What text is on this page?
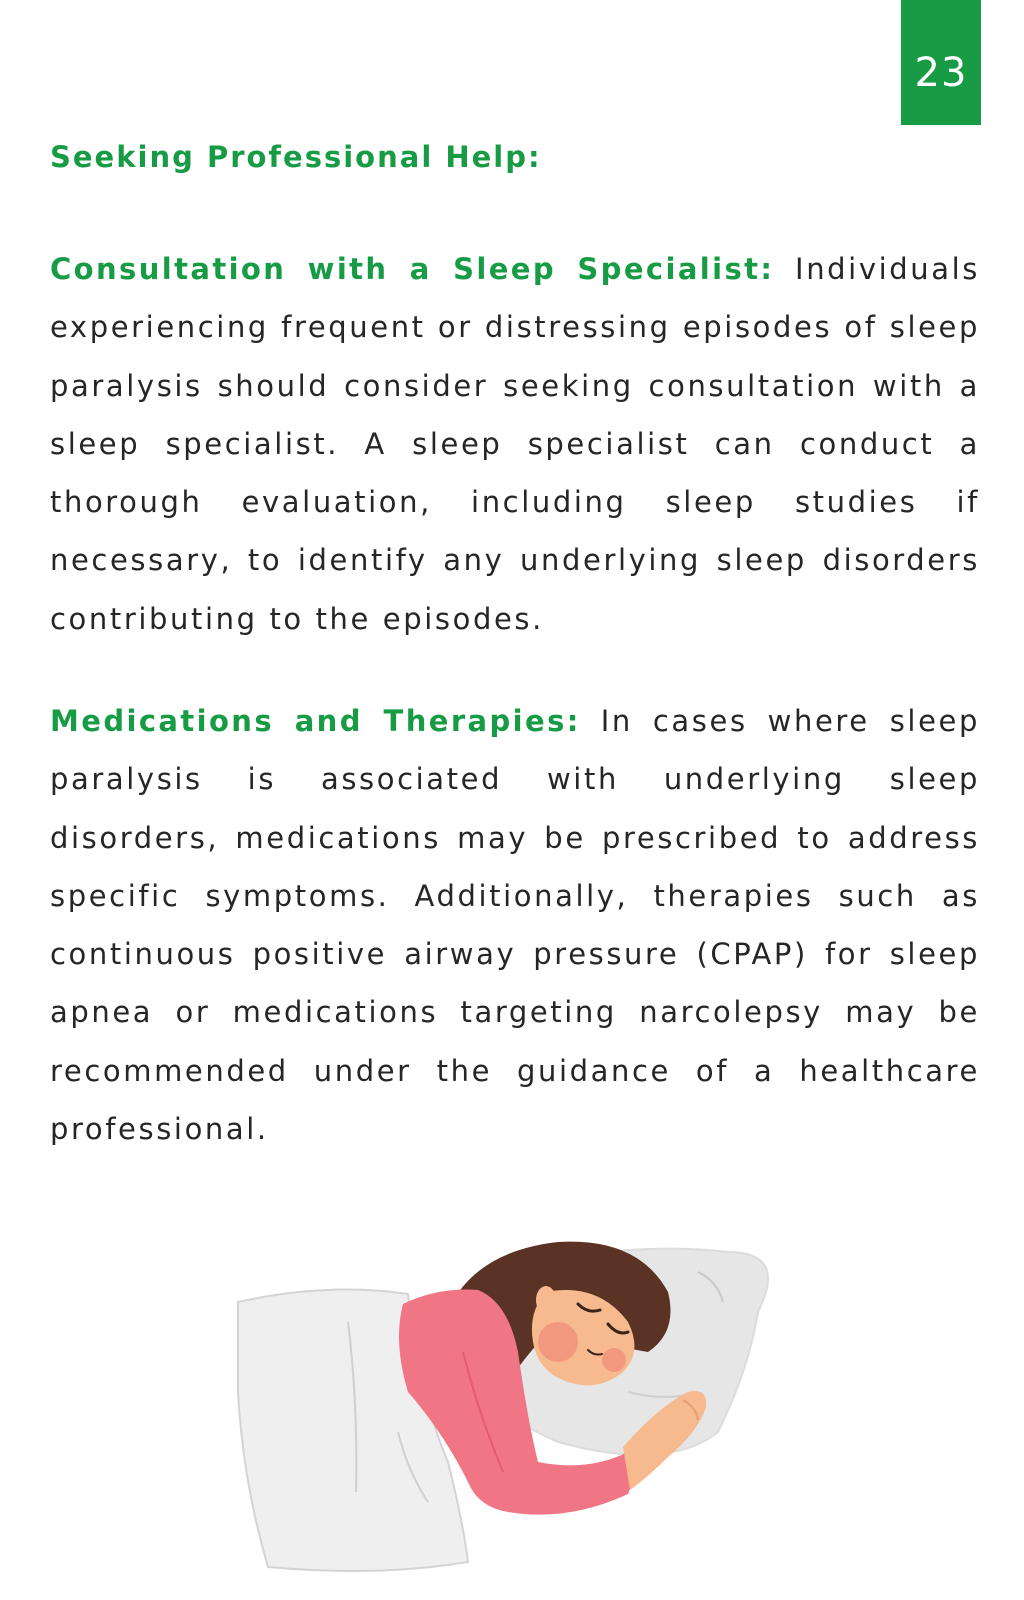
23
Seeking Professional Help:

Consultation with a Sleep Specialist: Individuals experiencing frequent or distressing episodes of sleep paralysis should consider seeking consultation with a sleep specialist. A sleep specialist can conduct a thorough evaluation, including sleep studies if necessary, to identify any underlying sleep disorders contributing to the episodes.

Medications and Therapies: In cases where sleep paralysis is associated with underlying sleep disorders, medications may be prescribed to address specific symptoms. Additionally, therapies such as continuous positive airway pressure (CPAP) for sleep apnea or medications targeting narcolepsy may be recommended under the guidance of a healthcare professional.
